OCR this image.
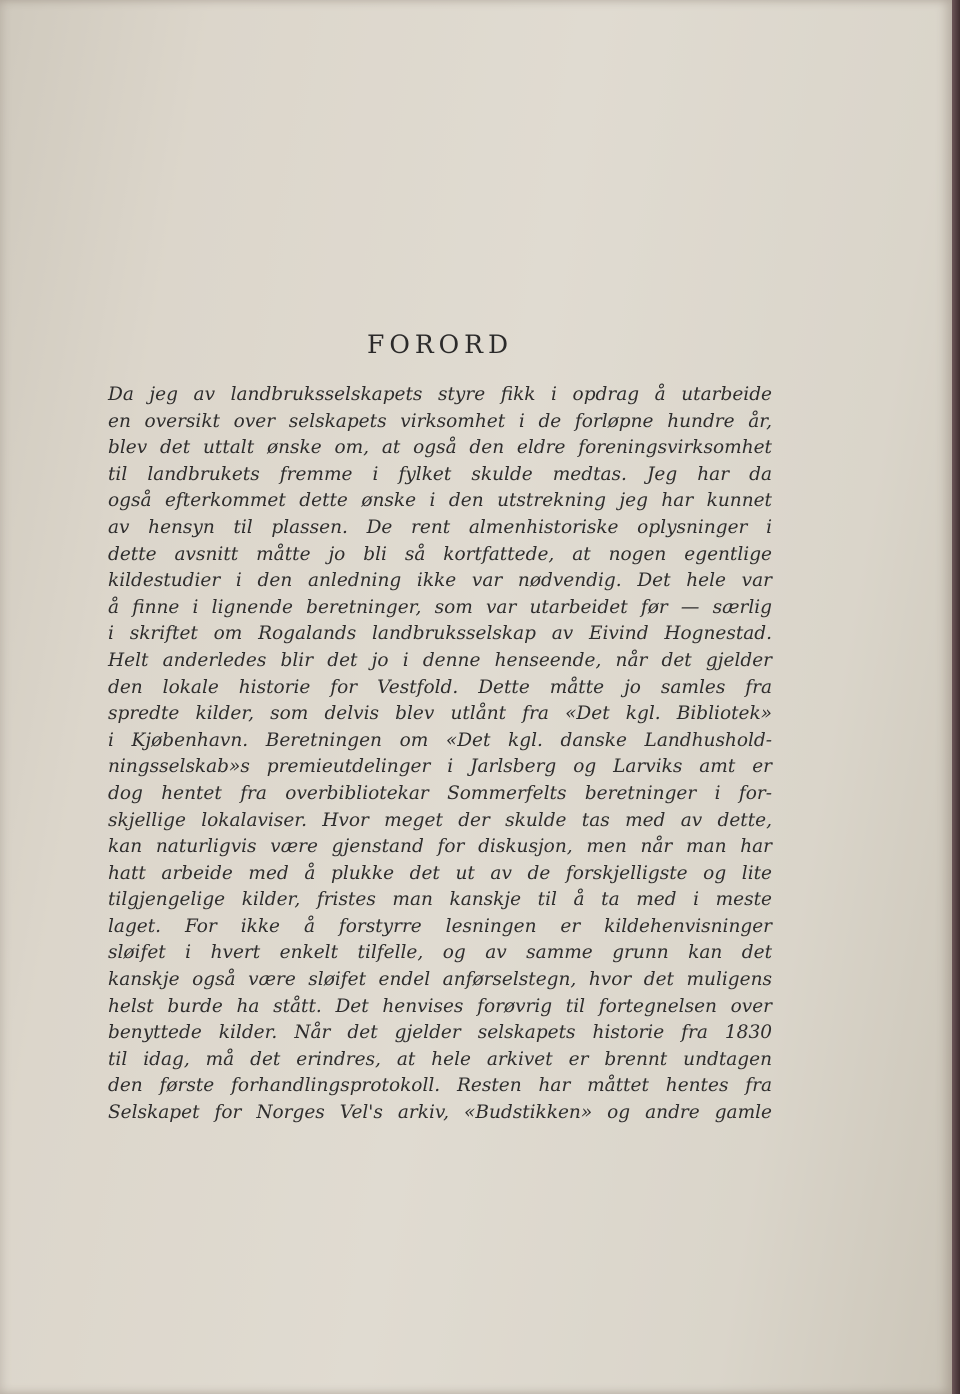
FORORD
Da jeg av landbruksselskapets styre fikk i opdrag å utarbeide
en oversikt over selskapets virksomhet i de forløpne hundre år,
blev det uttalt ønske om, at også den eldre foreningsvirksomhet
til landbrukets fremme i fylket skulde medtas. Jeg har da
også efterkommet dette ønske i den utstrekning jeg har kunnet
av hensyn til plassen. De rent almenhistoriske oplysninger i
dette avsnitt måtte jo bli så kortfattede, at nogen egentlige
kildestudier i den anledning ikke var nødvendig. Det hele var
å finne i lignende beretninger, som var utarbeidet før — særlig
i skriftet om Rogalands landbruksselskap av Eivind Hognestad.
Helt anderledes blir det jo i denne henseende, når det gjelder
den lokale historie for Vestfold. Dette måtte jo samles fra
spredte kilder, som delvis blev utlånt fra «Det kgl. Bibliotek»
i Kjøbenhavn. Beretningen om «Det kgl. danske Landhushold-
ningsselskab»s premieutdelinger i Jarlsberg og Larviks amt er
dog hentet fra overbibliotekar Sommerfelts beretninger i for-
skjellige lokalaviser. Hvor meget der skulde tas med av dette,
kan naturligvis være gjenstand for diskusjon, men når man har
hatt arbeide med å plukke det ut av de forskjelligste og lite
tilgjengelige kilder, fristes man kanskje til å ta med i meste
laget. For ikke å forstyrre lesningen er kildehenvisninger
sløifet i hvert enkelt tilfelle, og av samme grunn kan det
kanskje også være sløifet endel anførselstegn, hvor det muligens
helst burde ha stått. Det henvises forøvrig til fortegnelsen over
benyttede kilder. Når det gjelder selskapets historie fra 1830
til idag, må det erindres, at hele arkivet er brennt undtagen
den første forhandlingsprotokoll. Resten har måttet hentes fra
Selskapet for Norges Vel's arkiv, «Budstikken» og andre gamle
